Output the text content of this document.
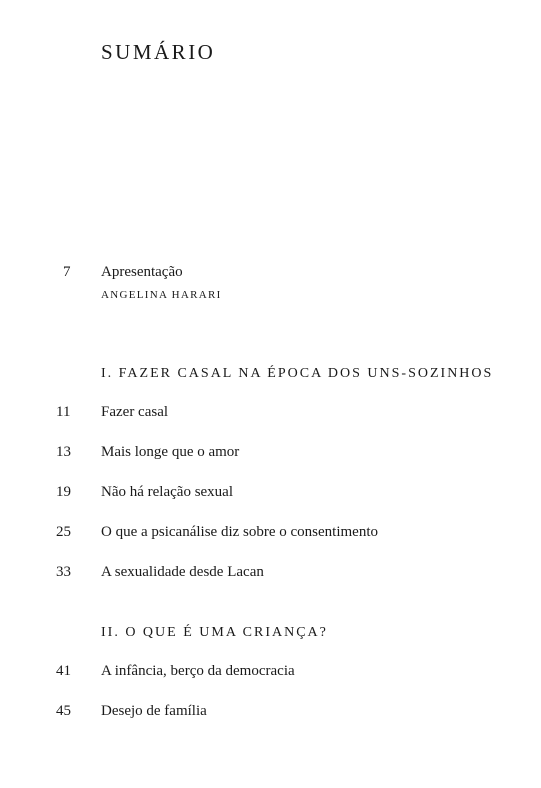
SUMÁRIO
7	Apresentação
ANGELINA HARARI
I. FAZER CASAL NA ÉPOCA DOS UNS-SOZINHOS
11	Fazer casal
13	Mais longe que o amor
19	Não há relação sexual
25	O que a psicanálise diz sobre o consentimento
33	A sexualidade desde Lacan
II. O QUE É UMA CRIANÇA?
41	A infância, berço da democracia
45	Desejo de família
